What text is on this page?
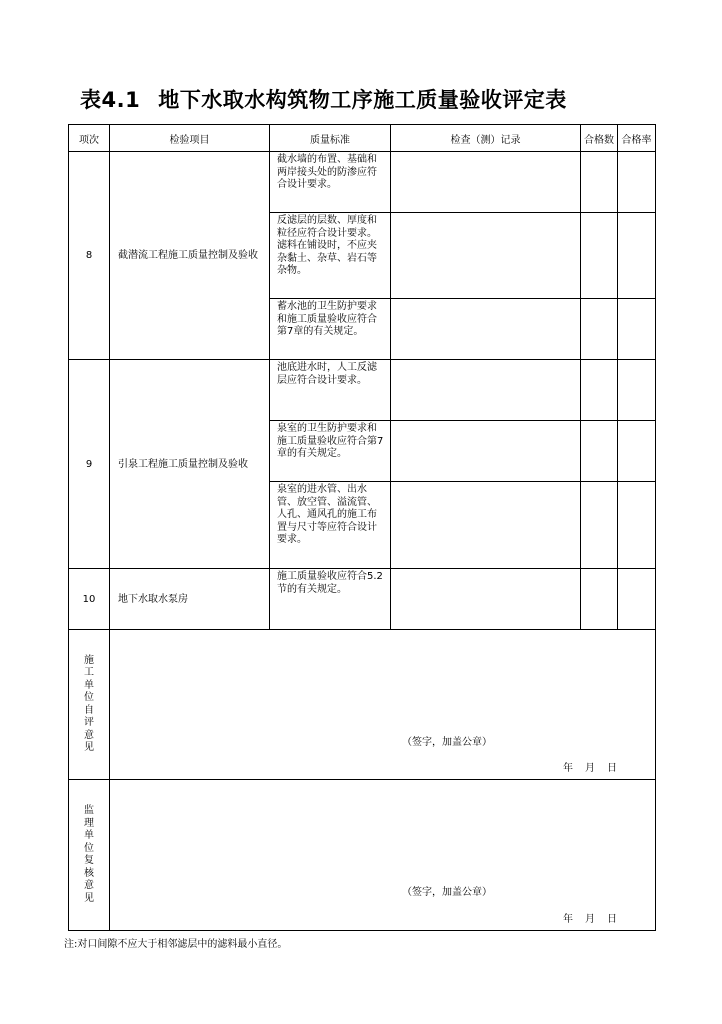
表4.1 地下水取水构筑物工序施工质量验收评定表
项次	检验项目	质量标准	检查（测）记录	合格数	合格率
8	截潜流工程施工质量控制及验收	截水墙的布置、基础和两岸接头处的防渗应符合设计要求。			
		反滤层的层数、厚度和粒径应符合设计要求。滤料在铺设时，不应夹杂黏土、杂草、岩石等杂物。			
		蓄水池的卫生防护要求和施工质量验收应符合第7章的有关规定。			
9	引泉工程施工质量控制及验收	池底进水时，人工反滤层应符合设计要求。			
		泉室的卫生防护要求和施工质量验收应符合第7章的有关规定。			
		泉室的进水管、出水管、放空管、溢流管、人孔、通风孔的施工布置与尺寸等应符合设计要求。			
10	地下水取水泵房	施工质量验收应符合5.2节的有关规定。			
施工单位自评意见	（签字，加盖公章）
年 月 日				

监理单位复核意见	（签字，加盖公章）
年 月 日				
注:对口间隙不应大于相邻滤层中的滤料最小直径。
